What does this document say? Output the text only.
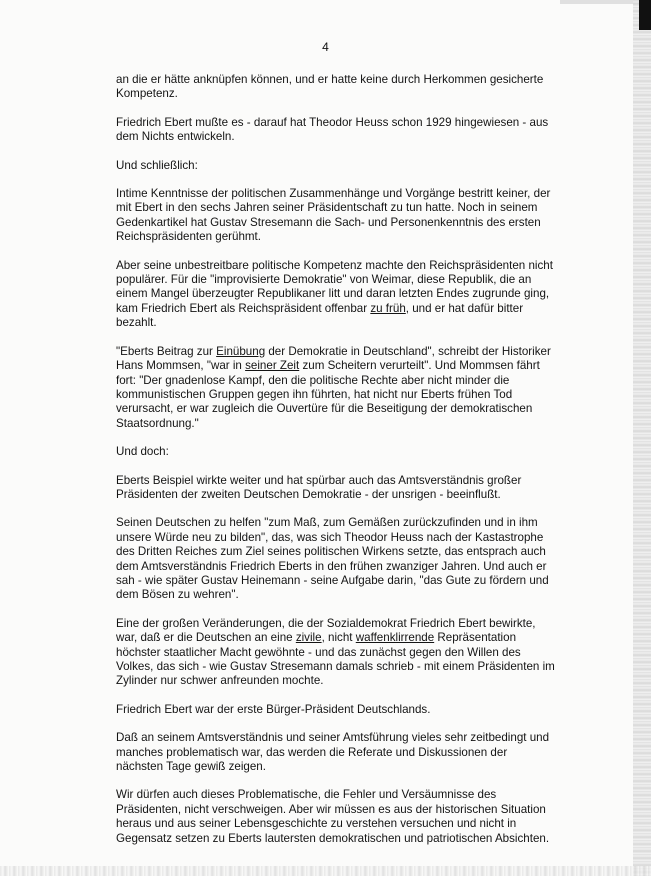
4

an die er hätte anknüpfen können, und er hatte keine durch Herkommen gesicherte Kompetenz.

Friedrich Ebert mußte es - darauf hat Theodor Heuss schon 1929 hingewiesen - aus dem Nichts entwickeln.

Und schließlich:

Intime Kenntnisse der politischen Zusammenhänge und Vorgänge bestritt keiner, der mit Ebert in den sechs Jahren seiner Präsidentschaft zu tun hatte. Noch in seinem Gedenkartikel hat Gustav Stresemann die Sach- und Personenkenntnis des ersten Reichspräsidenten gerühmt.

Aber seine unbestreitbare politische Kompetenz machte den Reichspräsidenten nicht populärer. Für die "improvisierte Demokratie" von Weimar, diese Republik, die an einem Mangel überzeugter Republikaner litt und daran letzten Endes zugrunde ging, kam Friedrich Ebert als Reichspräsident offenbar zu früh, und er hat dafür bitter bezahlt.

"Eberts Beitrag zur Einübung der Demokratie in Deutschland", schreibt der Historiker Hans Mommsen, "war in seiner Zeit zum Scheitern verurteilt". Und Mommsen fährt fort: "Der gnadenlose Kampf, den die politische Rechte aber nicht minder die kommunistischen Gruppen gegen ihn führten, hat nicht nur Eberts frühen Tod verursacht, er war zugleich die Ouvertüre für die Beseitigung der demokratischen Staatsordnung."

Und doch:

Eberts Beispiel wirkte weiter und hat spürbar auch das Amtsverständnis großer Präsidenten der zweiten Deutschen Demokratie - der unsrigen - beeinflußt.

Seinen Deutschen zu helfen "zum Maß, zum Gemäßen zurückzufinden und in ihm unsere Würde neu zu bilden", das, was sich Theodor Heuss nach der Kastastrophe des Dritten Reiches zum Ziel seines politischen Wirkens setzte, das entsprach auch dem Amtsverständnis Friedrich Eberts in den frühen zwanziger Jahren. Und auch er sah - wie später Gustav Heinemann - seine Aufgabe darin, "das Gute zu fördern und dem Bösen zu wehren".

Eine der großen Veränderungen, die der Sozialdemokrat Friedrich Ebert bewirkte, war, daß er die Deutschen an eine zivile, nicht waffenklirrende Repräsentation höchster staatlicher Macht gewöhnte - und das zunächst gegen den Willen des Volkes, das sich - wie Gustav Stresemann damals schrieb - mit einem Präsidenten im Zylinder nur schwer anfreunden mochte.

Friedrich Ebert war der erste Bürger-Präsident Deutschlands.

Daß an seinem Amtsverständnis und seiner Amtsführung vieles sehr zeitbedingt und manches problematisch war, das werden die Referate und Diskussionen der nächsten Tage gewiß zeigen.

Wir dürfen auch dieses Problematische, die Fehler und Versäumnisse des Präsidenten, nicht verschweigen. Aber wir müssen es aus der historischen Situation heraus und aus seiner Lebensgeschichte zu verstehen versuchen und nicht in Gegensatz setzen zu Eberts lautersten demokratischen und patriotischen Absichten.
